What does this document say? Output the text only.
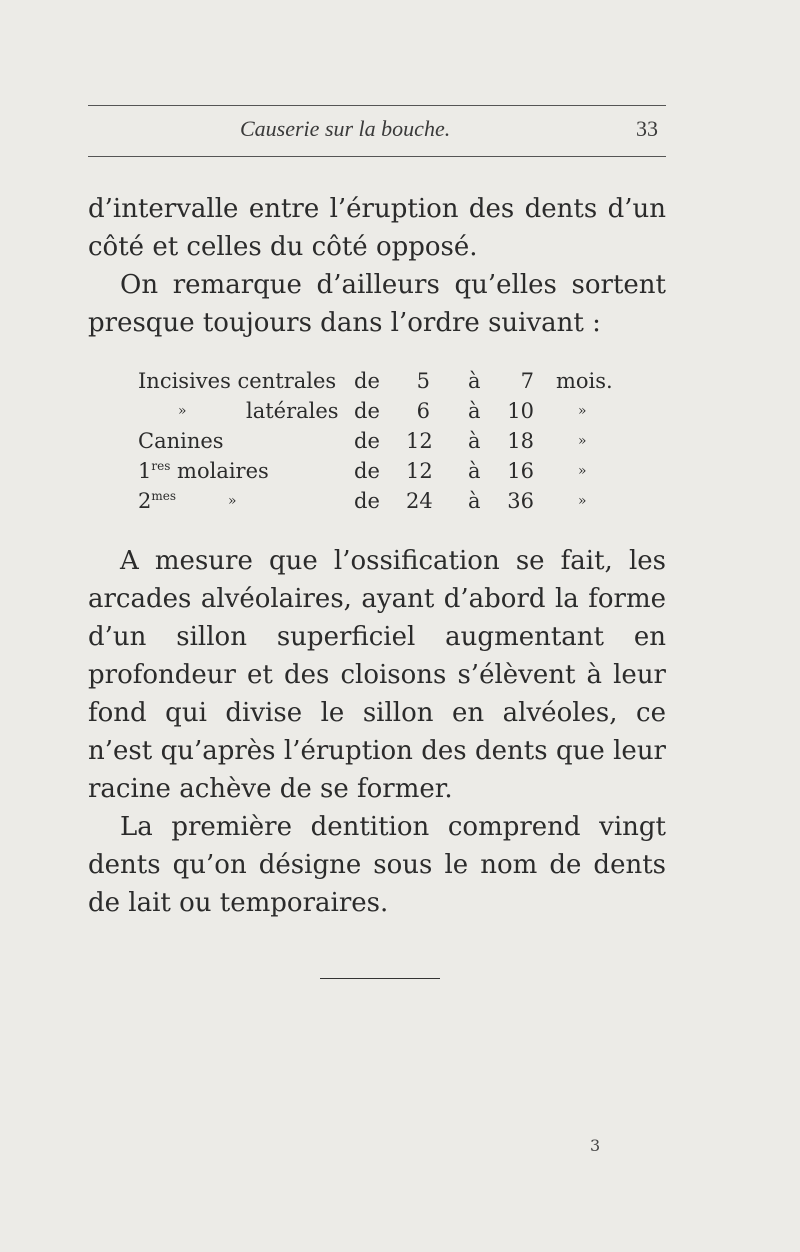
Causerie sur la bouche.	33

d’intervalle entre l’éruption des dents d’un côté et celles du côté opposé.

On remarque d’ailleurs qu’elles sortent presque toujours dans l’ordre suivant :

Incisives centrales de	5 à	7 mois.
»	latérales de	6 à 10	»
Canines	de 12 à 18	»
1res molaires	de 12 à 16	»
$2^{mes}$	»	de 24 à 36	»

A mesure que l’ossification se fait, les arcades alvéolaires, ayant d’abord la forme d’un sillon superficiel augmentant en profondeur et des cloisons s’élèvent à leur fond qui divise le sillon en alvéoles, ce n’est qu’après l’éruption des dents que leur racine achève de se former.

La première dentition comprend vingt dents qu’on désigne sous le nom de dents de lait ou temporaires.

3
